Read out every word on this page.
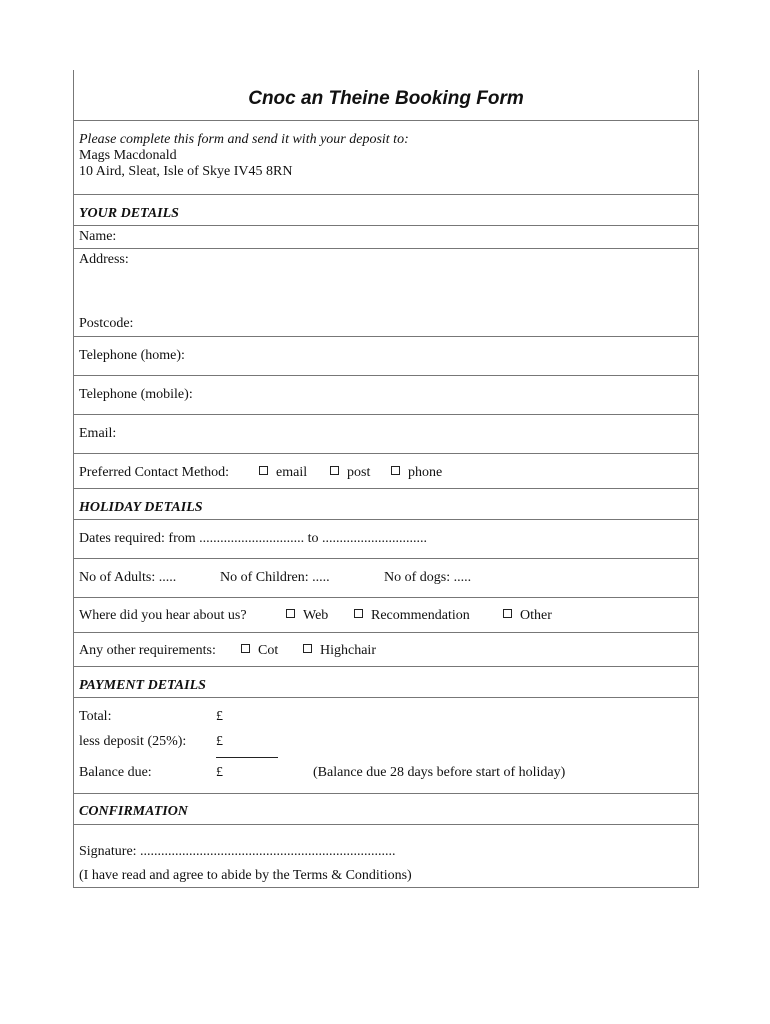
Cnoc an Theine Booking Form
Please complete this form and send it with your deposit to:
Mags Macdonald
10 Aird, Sleat, Isle of Skye IV45 8RN
YOUR DETAILS
Name:
Address:
Postcode:
Telephone (home):
Telephone (mobile):
Email:
Preferred Contact Method:	email	post	phone
HOLIDAY DETAILS
Dates required: from .............................. to ..............................
No of Adults: .....	No of Children: .....	No of dogs: .....
Where did you hear about us?	Web	Recommendation	Other
Any other requirements:	Cot	Highchair
PAYMENT DETAILS
Total:	£
less deposit (25%): £
Balance due:	£	(Balance due 28 days before start of holiday)
CONFIRMATION
Signature: .........................................................................
(I have read and agree to abide by the Terms & Conditions)
